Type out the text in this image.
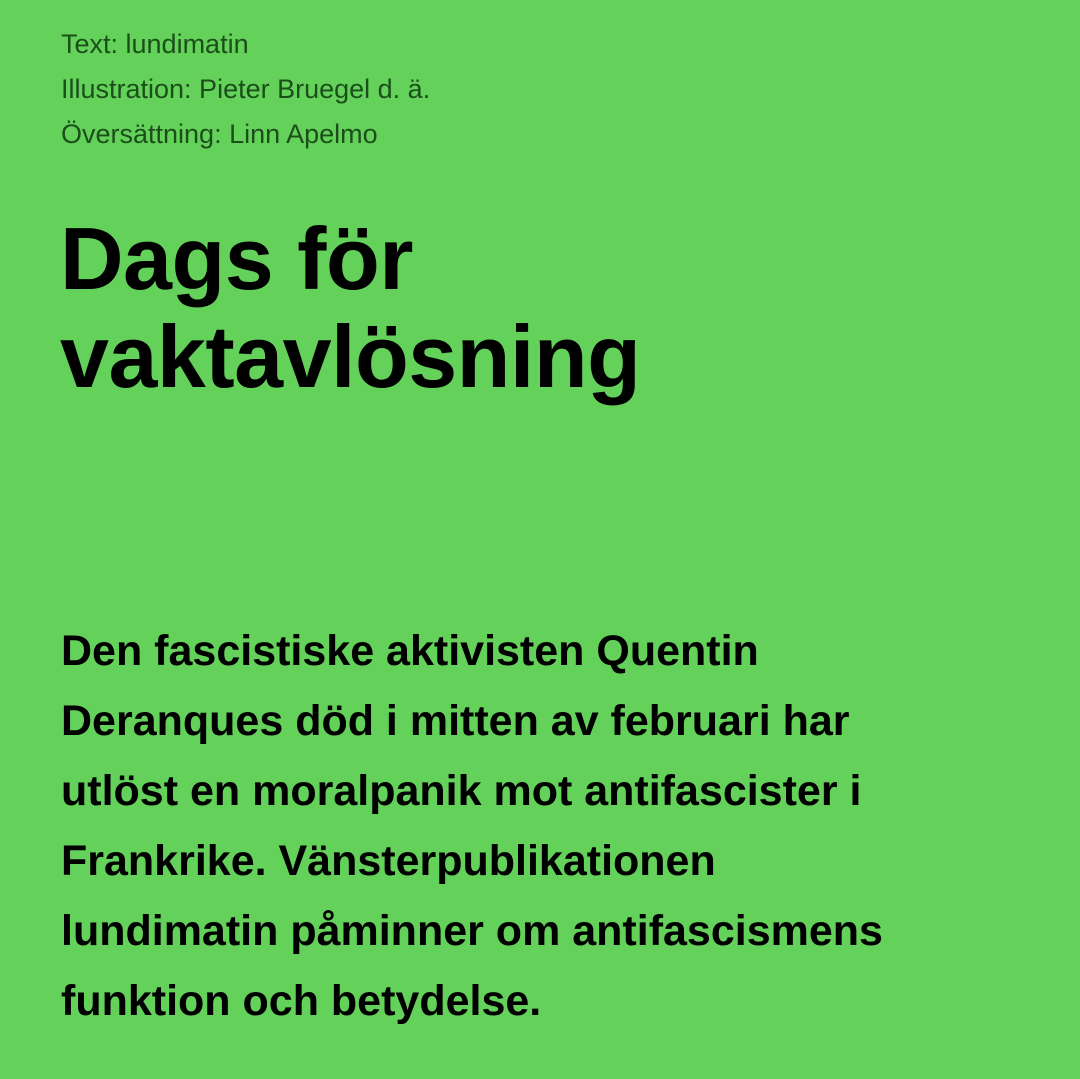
Text: lundimatin
Illustration: Pieter Bruegel d. ä.
Översättning: Linn Apelmo
Dags för
vaktavlösning

Den fascistiske aktivisten Quentin
Deranques död i mitten av februari har
utlöst en moralpanik mot antifascister i
Frankrike. Vänsterpublikationen
lundimatin påminner om antifascismens
funktion och betydelse.
